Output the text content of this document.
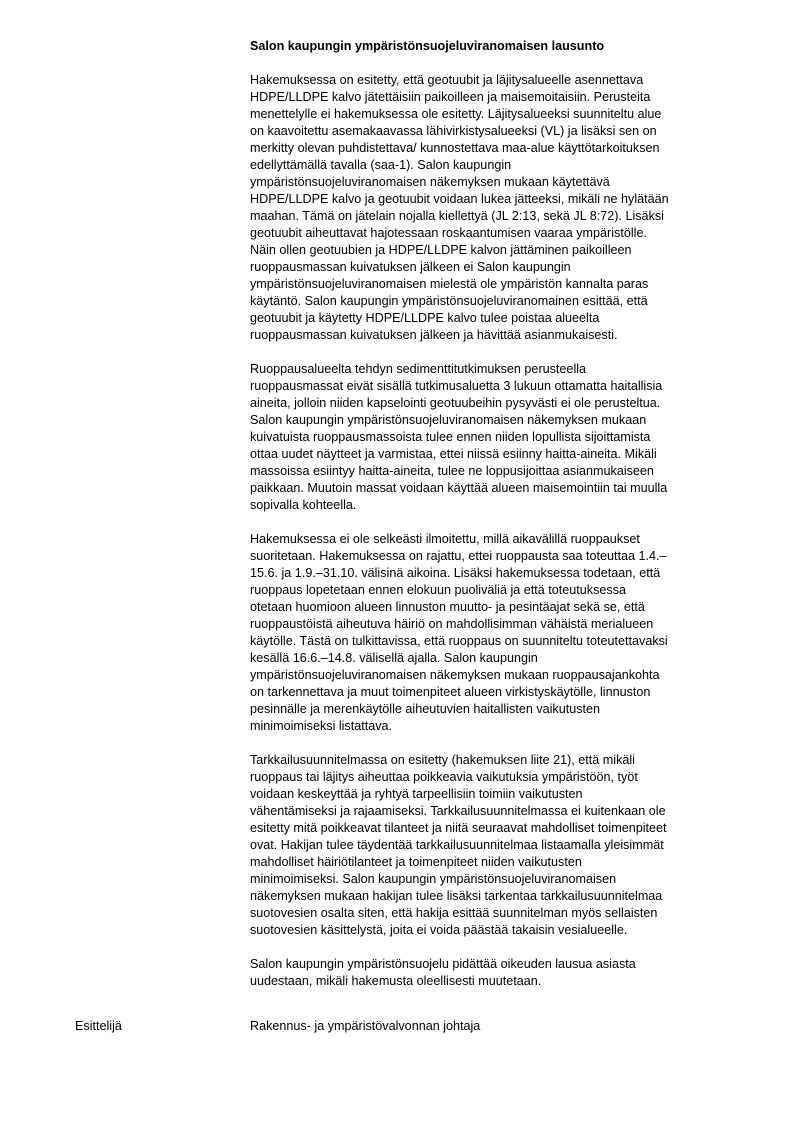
Salon kaupungin ympäristönsuojeluviranomaisen lausunto

Hakemuksessa on esitetty, että geotuubit ja läjitysalueelle asennettava
HDPE/LLDPE kalvo jätettäisiin paikoilleen ja maisemoitaisiin. Perusteita
menettelylle ei hakemuksessa ole esitetty. Läjitysalueeksi suunniteltu alue
on kaavoitettu asemakaavassa lähivirkistysalueeksi (VL) ja lisäksi sen on
merkitty olevan puhdistettava/ kunnostettava maa-alue käyttötarkoituksen
edellyttämällä tavalla (saa-1). Salon kaupungin
ympäristönsuojeluviranomaisen näkemyksen mukaan käytettävä
HDPE/LLDPE kalvo ja geotuubit voidaan lukea jätteeksi, mikäli ne hylätään
maahan. Tämä on jätelain nojalla kiellettyä (JL 2:13, sekä JL 8:72). Lisäksi
geotuubit aiheuttavat hajotessaan roskaantumisen vaaraa ympäristölle.
Näin ollen geotuubien ja HDPE/LLDPE kalvon jättäminen paikoilleen
ruoppausmassan kuivatuksen jälkeen ei Salon kaupungin
ympäristönsuojeluviranomaisen mielestä ole ympäristön kannalta paras
käytäntö. Salon kaupungin ympäristönsuojeluviranomainen esittää, että
geotuubit ja käytetty HDPE/LLDPE kalvo tulee poistaa alueelta
ruoppausmassan kuivatuksen jälkeen ja hävittää asianmukaisesti.

Ruoppausalueelta tehdyn sedimenttitutkimuksen perusteella
ruoppausmassat eivät sisällä tutkimusaluetta 3 lukuun ottamatta haitallisia
aineita, jolloin niiden kapselointi geotuubeihin pysyvästi ei ole perusteltua.
Salon kaupungin ympäristönsuojeluviranomaisen näkemyksen mukaan
kuivatuista ruoppausmassoista tulee ennen niiden lopullista sijoittamista
ottaa uudet näytteet ja varmistaa, ettei niissä esiinny haitta-aineita. Mikäli
massoissa esiintyy haitta-aineita, tulee ne loppusijoittaa asianmukaiseen
paikkaan. Muutoin massat voidaan käyttää alueen maisemointiin tai muulla
sopivalla kohteella.

Hakemuksessa ei ole selkeästi ilmoitettu, millä aikavälillä ruoppaukset
suoritetaan. Hakemuksessa on rajattu, ettei ruoppausta saa toteuttaa 1.4.–
15.6. ja 1.9.–31.10. välisinä aikoina. Lisäksi hakemuksessa todetaan, että
ruoppaus lopetetaan ennen elokuun puoliväliä ja että toteutuksessa
otetaan huomioon alueen linnuston muutto- ja pesintäajat sekä se, että
ruoppaustöistä aiheutuva häiriö on mahdollisimman vähäistä merialueen
käytölle. Tästä on tulkittavissa, että ruoppaus on suunniteltu toteutettavaksi
kesällä 16.6.–14.8. välisellä ajalla. Salon kaupungin
ympäristönsuojeluviranomaisen näkemyksen mukaan ruoppausajankohta
on tarkennettava ja muut toimenpiteet alueen virkistyskäytölle, linnuston
pesinnälle ja merenkäytölle aiheutuvien haitallisten vaikutusten
minimoimiseksi listattava.

Tarkkailusuunnitelmassa on esitetty (hakemuksen liite 21), että mikäli
ruoppaus tai läjitys aiheuttaa poikkeavia vaikutuksia ympäristöön, työt
voidaan keskeyttää ja ryhtyä tarpeellisiin toimiin vaikutusten
vähentämiseksi ja rajaamiseksi. Tarkkailusuunnitelmassa ei kuitenkaan ole
esitetty mitä poikkeavat tilanteet ja niitä seuraavat mahdolliset toimenpiteet
ovat. Hakijan tulee täydentää tarkkailusuunnitelmaa listaamalla yleisimmät
mahdolliset häiriötilanteet ja toimenpiteet niiden vaikutusten
minimoimiseksi. Salon kaupungin ympäristönsuojeluviranomaisen
näkemyksen mukaan hakijan tulee lisäksi tarkentaa tarkkailusuunnitelmaa
suotovesien osalta siten, että hakija esittää suunnitelman myös sellaisten
suotovesien käsittelystä, joita ei voida päästää takaisin vesialueelle.

Salon kaupungin ympäristönsuojelu pidättää oikeuden lausua asiasta
uudestaan, mikäli hakemusta oleellisesti muutetaan.

Esittelijä	Rakennus- ja ympäristövalvonnan johtaja
